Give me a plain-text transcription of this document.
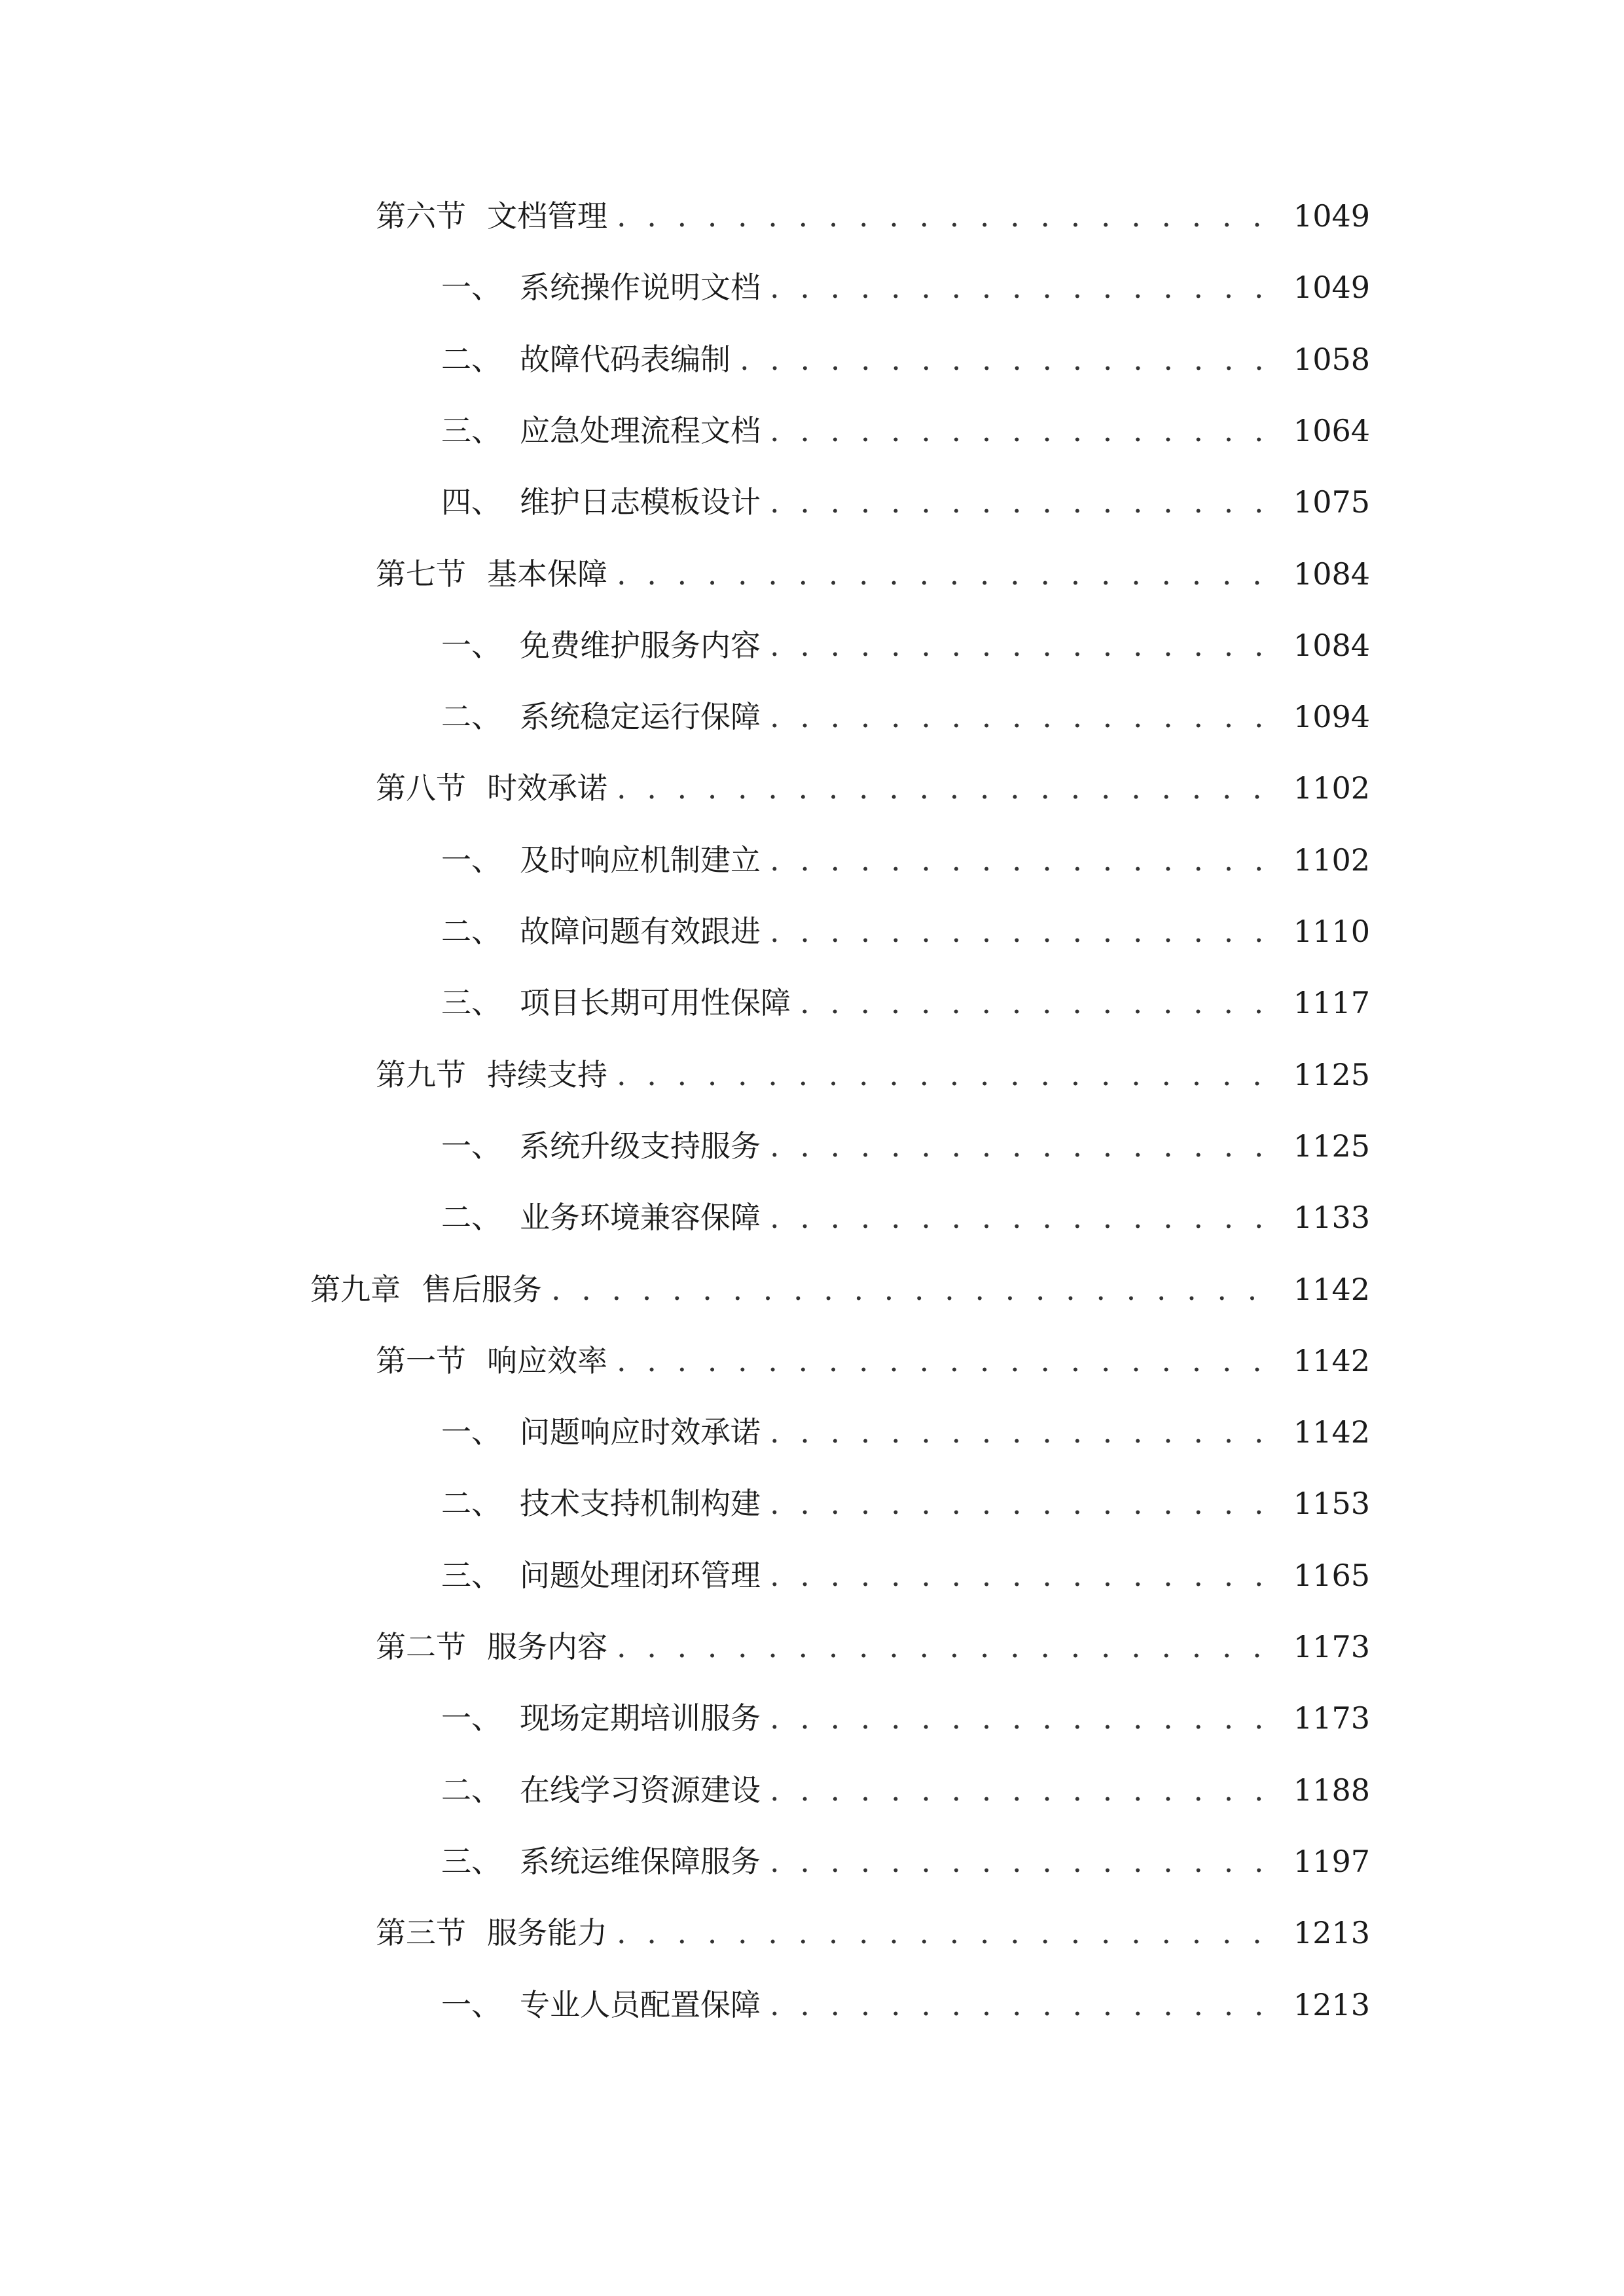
第六节 文档管理 . . .	1049
一、 系统操作说明文档 . . .	1049
二、 故障代码表编制 . . .	1058
三、 应急处理流程文档 . . .	1064
四、 维护日志模板设计 . . .	1075
第七节 基本保障 . . .	1084
一、 免费维护服务内容 . . .	1084
二、 系统稳定运行保障 . . .	1094
第八节 时效承诺 . . .	1102
一、 及时响应机制建立 . . .	1102
二、 故障问题有效跟进 . . .	1110
三、 项目长期可用性保障 . . .	1117
第九节 持续支持 . . .	1125
一、 系统升级支持服务 . . .	1125
二、 业务环境兼容保障 . . .	1133
第九章 售后服务 . . .	1142
第一节 响应效率 . . .	1142
一、 问题响应时效承诺 . . .	1142
二、 技术支持机制构建 . . .	1153
三、 问题处理闭环管理 . . .	1165
第二节 服务内容 . . .	1173
一、 现场定期培训服务 . . .	1173
二、 在线学习资源建设 . . .	1188
三、 系统运维保障服务 . . .	1197
第三节 服务能力 . . .	1213
一、 专业人员配置保障 . . .	1213
